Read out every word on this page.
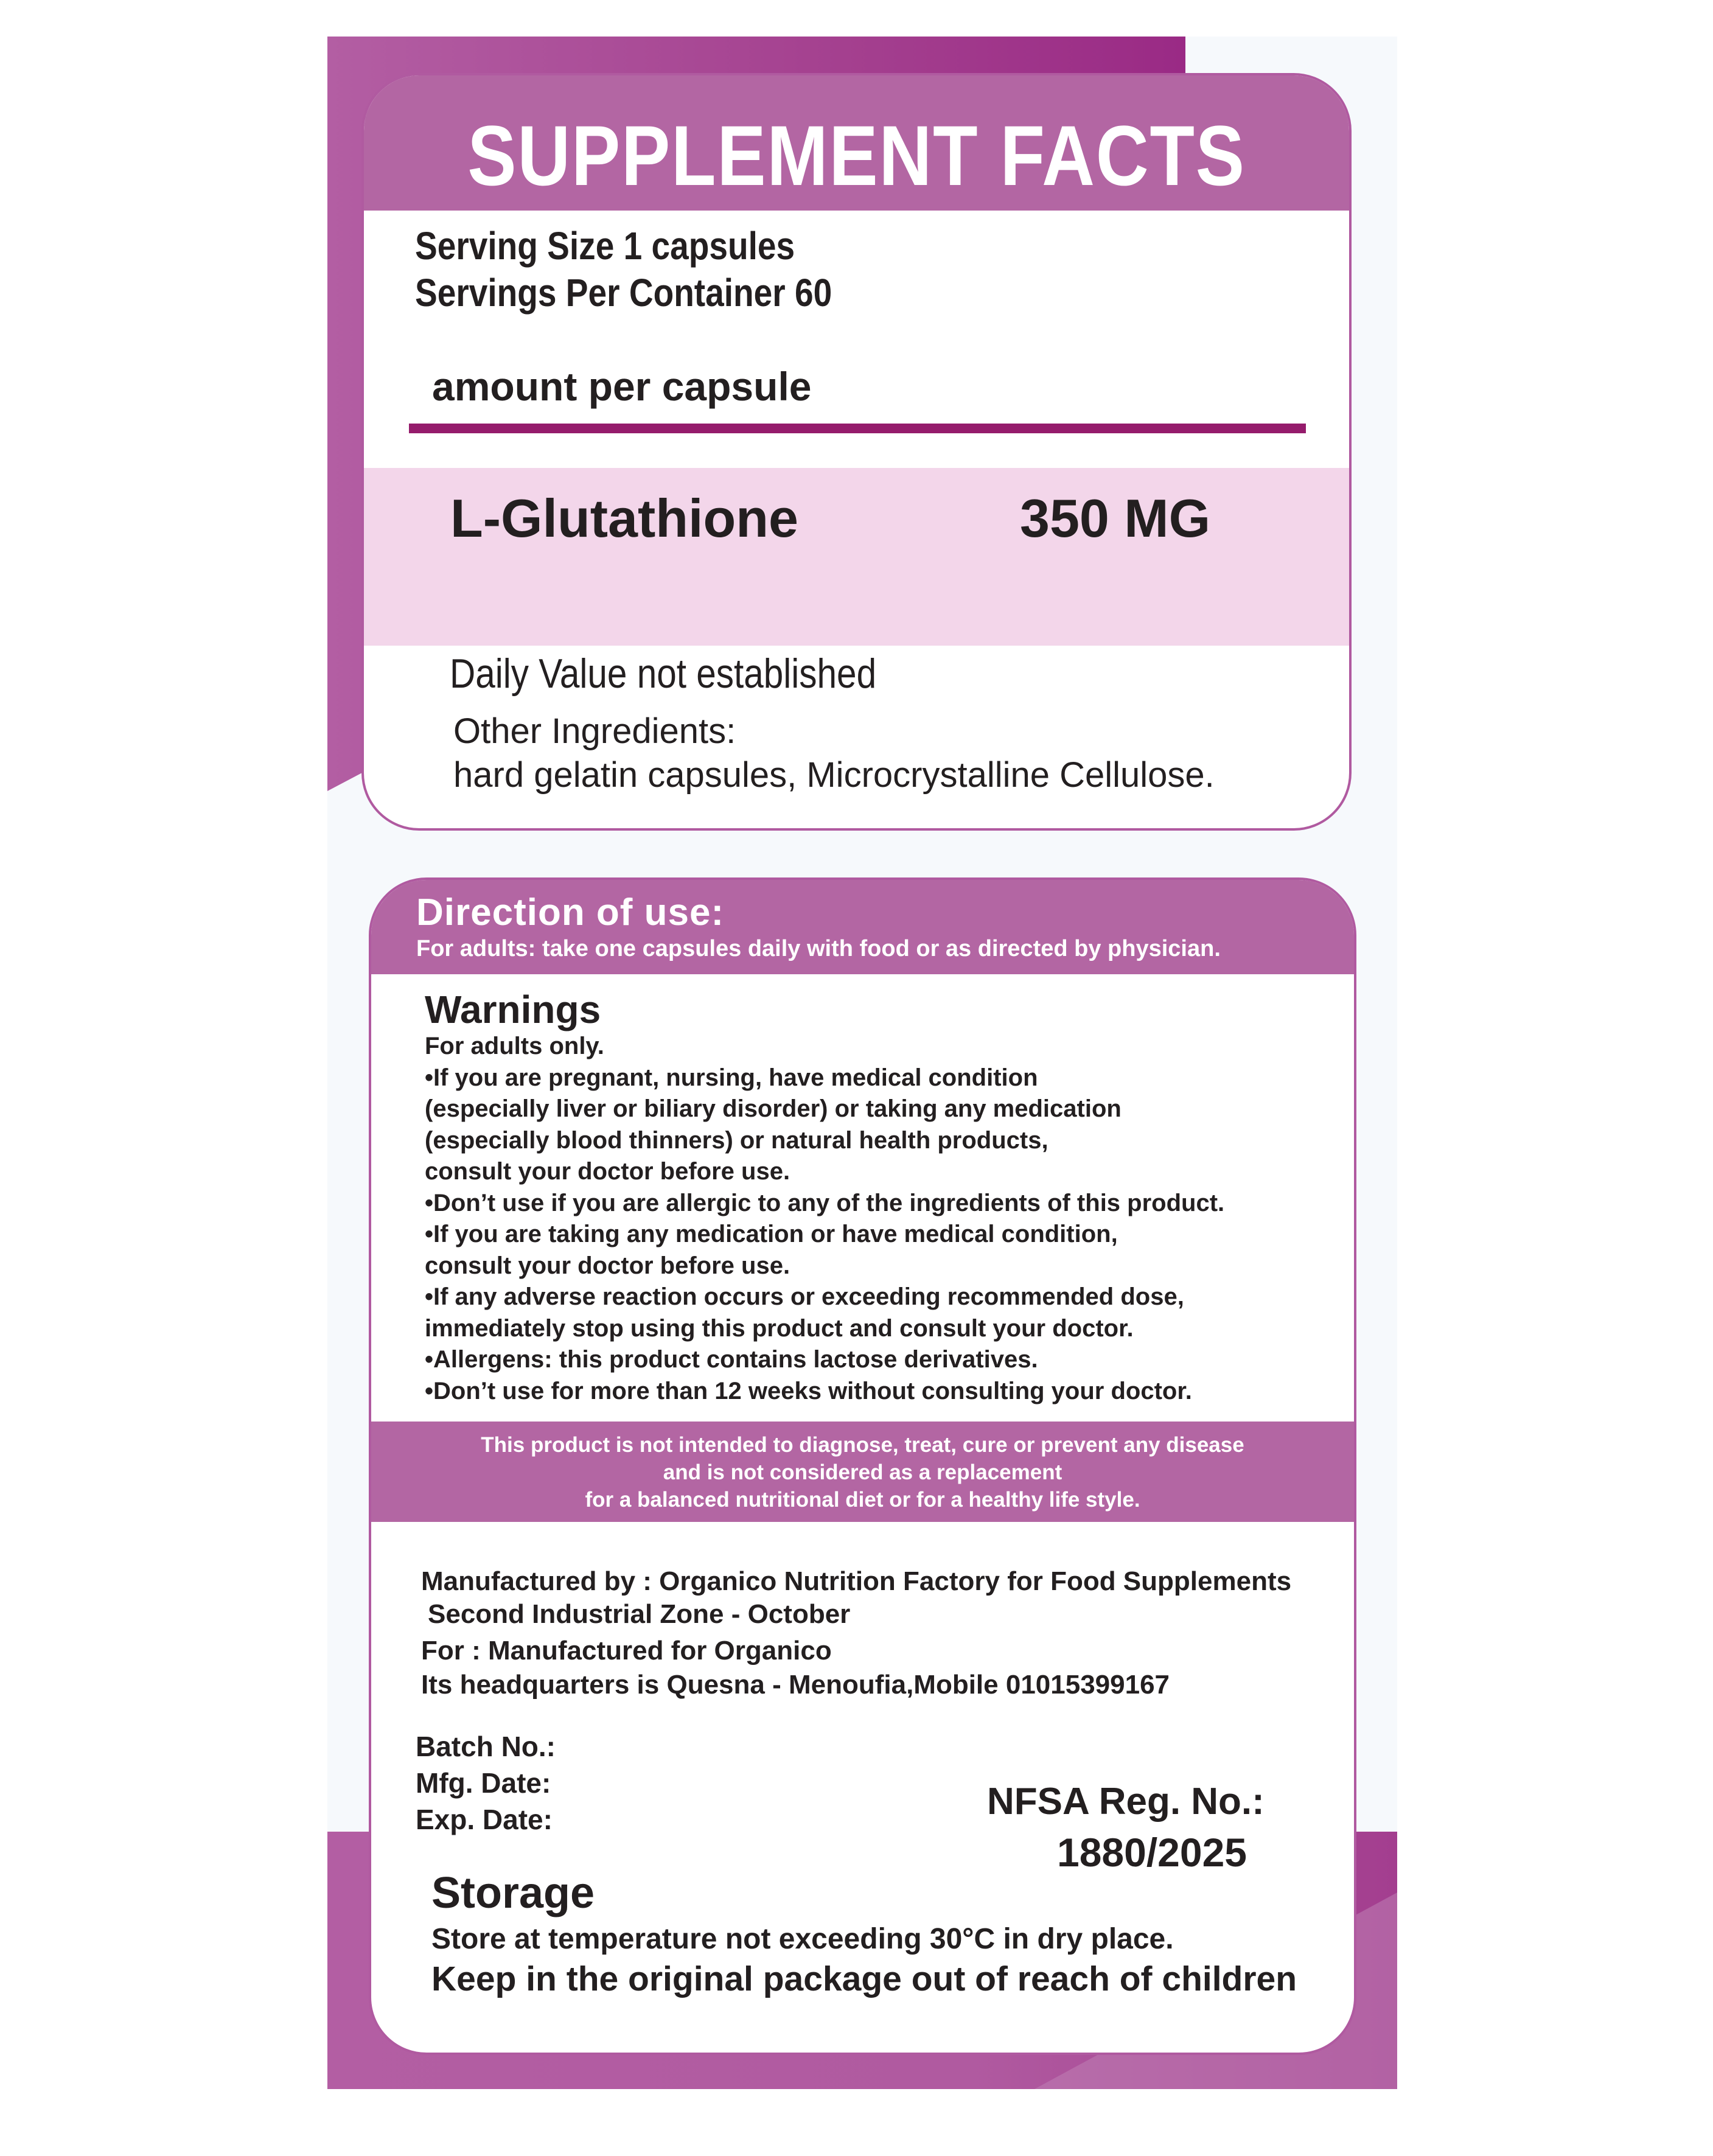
SUPPLEMENT FACTS
Serving Size 1 capsules
Servings Per Container 60
amount per capsule
L-Glutathione	350 MG
Daily Value not established
Other Ingredients:
hard gelatin capsules, Microcrystalline Cellulose.
Direction of use:
For adults: take one capsules daily with food or as directed by physician.
Warnings
For adults only.
•If you are pregnant, nursing, have medical condition
(especially liver or biliary disorder) or taking any medication
(especially blood thinners) or natural health products,
consult your doctor before use.
•Don’t use if you are allergic to any of the ingredients of this product.
•If you are taking any medication or have medical condition,
consult your doctor before use.
•If any adverse reaction occurs or exceeding recommended dose,
immediately stop using this product and consult your doctor.
•Allergens: this product contains lactose derivatives.
•Don’t use for more than 12 weeks without consulting your doctor.
This product is not intended to diagnose, treat, cure or prevent any disease
and is not considered as a replacement
for a balanced nutritional diet or for a healthy life style.
Manufactured by : Organico Nutrition Factory for Food Supplements
Second Industrial Zone - October
For : Manufactured for Organico
Its headquarters is Quesna - Menoufia,Mobile 01015399167
Batch No.:
Mfg. Date:
Exp. Date:	NFSA Reg. No.:
1880/2025
Storage
Store at temperature not exceeding 30°C in dry place.
Keep in the original package out of reach of children
